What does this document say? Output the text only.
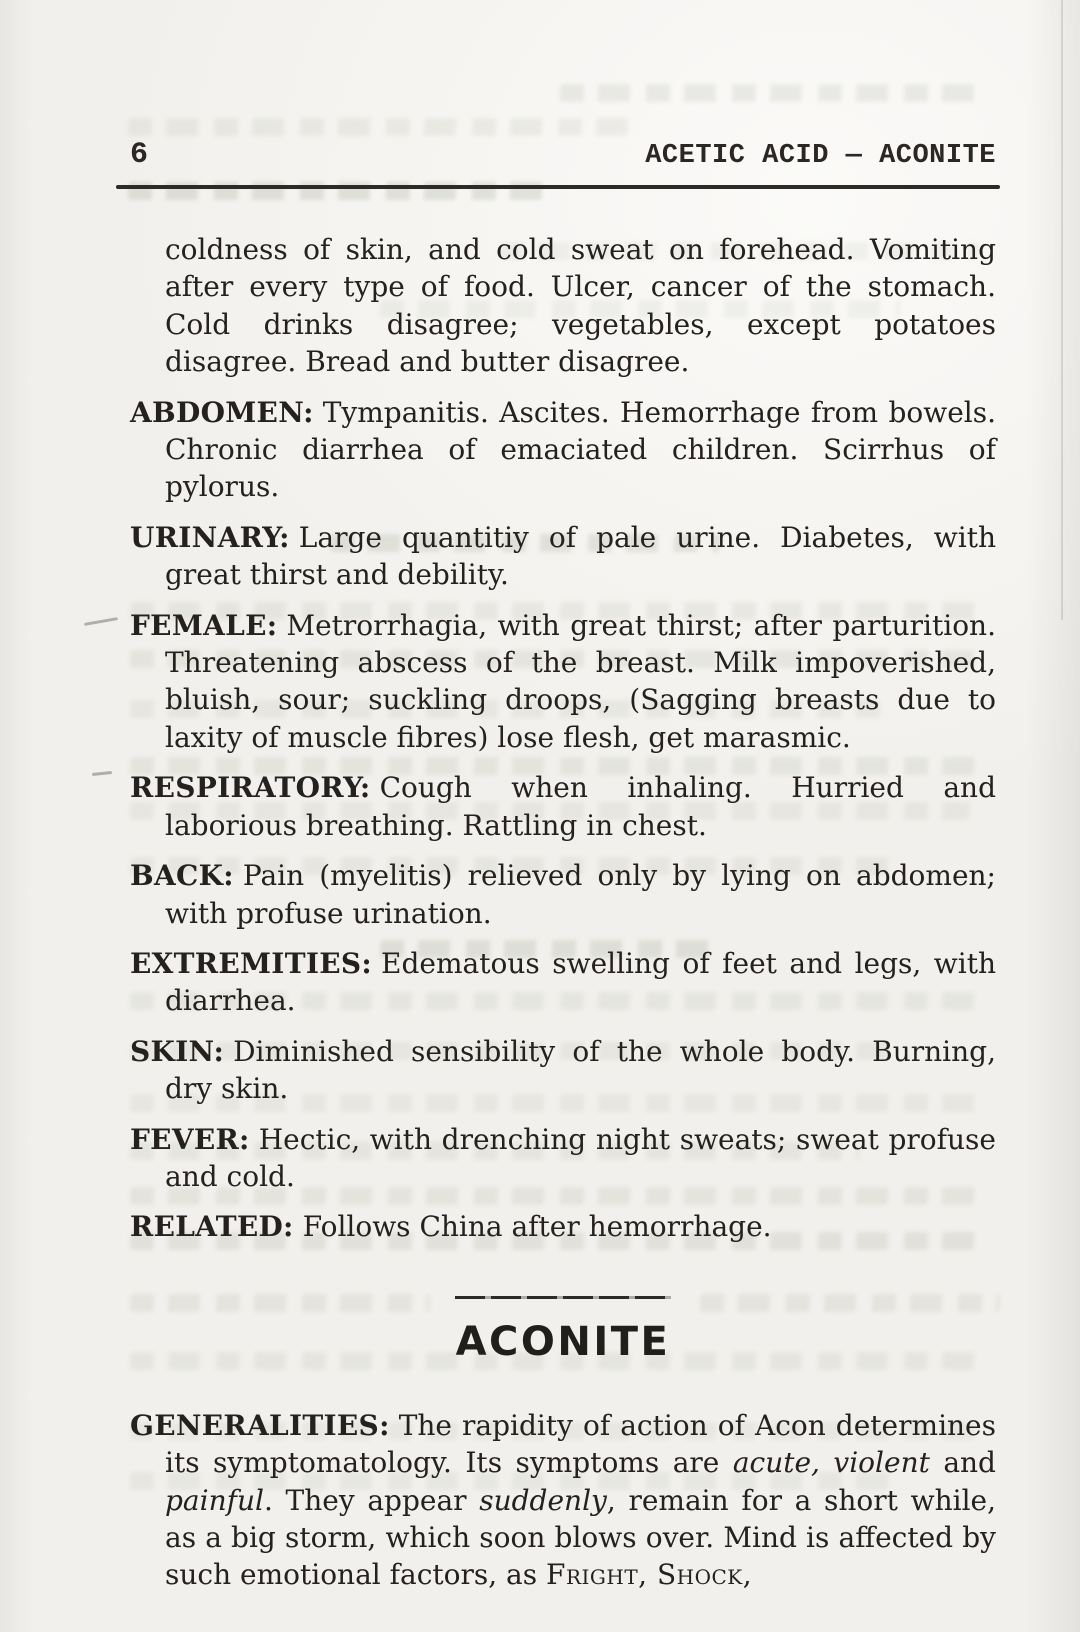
6	ACETIC ACID — ACONITE

coldness of skin, and cold sweat on forehead. Vomiting after every type of food. Ulcer, cancer of the stomach. Cold drinks disagree; vegetables, except potatoes disagree. Bread and butter disagree.

ABDOMEN: Tympanitis. Ascites. Hemorrhage from bowels. Chronic diarrhea of emaciated children. Scirrhus of pylorus.

URINARY: Large quantitiy of pale urine. Diabetes, with great thirst and debility.

FEMALE: Metrorrhagia, with great thirst; after parturition. Threatening abscess of the breast. Milk impoverished, bluish, sour; suckling droops, (Sagging breasts due to laxity of muscle fibres) lose flesh, get marasmic.

RESPIRATORY: Cough when inhaling. Hurried and laborious breathing. Rattling in chest.

BACK: Pain (myelitis) relieved only by lying on abdomen; with profuse urination.

EXTREMITIES: Edematous swelling of feet and legs, with diarrhea.

SKIN: Diminished sensibility of the whole body. Burning, dry skin.

FEVER: Hectic, with drenching night sweats; sweat profuse and cold.

RELATED: Follows China after hemorrhage.

ACONITE

GENERALITIES: The rapidity of action of Acon determines its symptomatology. Its symptoms are acute, violent and painful. They appear suddenly, remain for a short while, as a big storm, which soon blows over. Mind is affected by such emotional factors, as Fright, Shock,
